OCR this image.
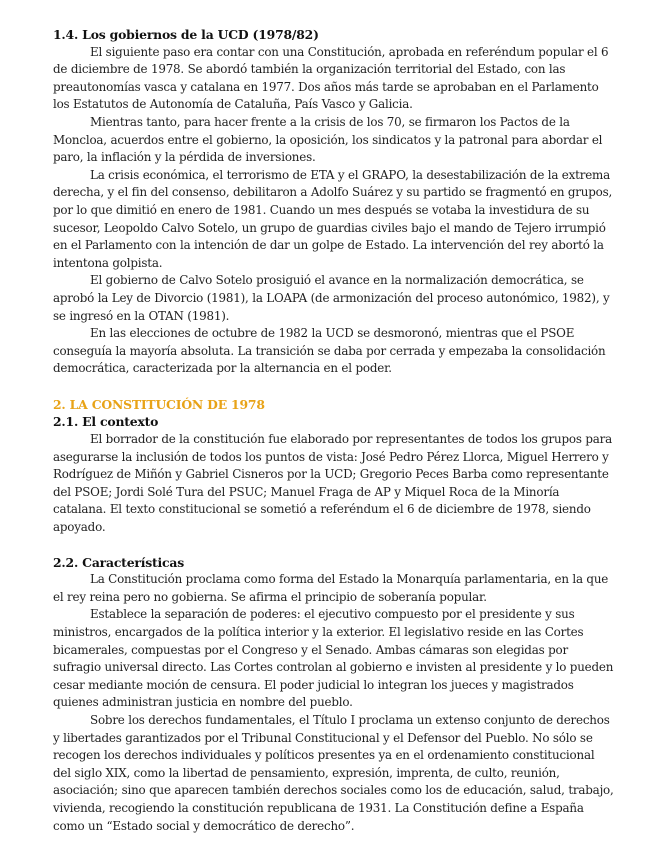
1.4. Los gobiernos de la UCD (1978/82)

El siguiente paso era contar con una Constitución, aprobada en referéndum popular el 6 de diciembre de 1978. Se abordó también la organización territorial del Estado, con las preautonomías vasca y catalana en 1977. Dos años más tarde se aprobaban en el Parlamento los Estatutos de Autonomía de Cataluña, País Vasco y Galicia.

Mientras tanto, para hacer frente a la crisis de los 70, se firmaron los Pactos de la Moncloa, acuerdos entre el gobierno, la oposición, los sindicatos y la patronal para abordar el paro, la inflación y la pérdida de inversiones.

La crisis económica, el terrorismo de ETA y el GRAPO, la desestabilización de la extrema derecha, y el fin del consenso, debilitaron a Adolfo Suárez y su partido se fragmentó en grupos, por lo que dimitió en enero de 1981. Cuando un mes después se votaba la investidura de su sucesor, Leopoldo Calvo Sotelo, un grupo de guardias civiles bajo el mando de Tejero irrumpió en el Parlamento con la intención de dar un golpe de Estado. La intervención del rey abortó la intentona golpista.

El gobierno de Calvo Sotelo prosiguió el avance en la normalización democrática, se aprobó la Ley de Divorcio (1981), la LOAPA (de armonización del proceso autonómico, 1982), y se ingresó en la OTAN (1981).

En las elecciones de octubre de 1982 la UCD se desmoronó, mientras que el PSOE conseguía la mayoría absoluta. La transición se daba por cerrada y empezaba la consolidación democrática, caracterizada por la alternancia en el poder.

2. LA CONSTITUCIÓN DE 1978
2.1. El contexto

El borrador de la constitución fue elaborado por representantes de todos los grupos para asegurarse la inclusión de todos los puntos de vista: José Pedro Pérez Llorca, Miguel Herrero y Rodríguez de Miñón y Gabriel Cisneros por la UCD; Gregorio Peces Barba como representante del PSOE; Jordi Solé Tura del PSUC; Manuel Fraga de AP y Miquel Roca de la Minoría catalana. El texto constitucional se sometió a referéndum el 6 de diciembre de 1978, siendo apoyado.

2.2. Características

La Constitución proclama como forma del Estado la Monarquía parlamentaria, en la que el rey reina pero no gobierna. Se afirma el principio de soberanía popular.

Establece la separación de poderes: el ejecutivo compuesto por el presidente y sus ministros, encargados de la política interior y la exterior. El legislativo reside en las Cortes bicamerales, compuestas por el Congreso y el Senado. Ambas cámaras son elegidas por sufragio universal directo. Las Cortes controlan al gobierno e invisten al presidente y lo pueden cesar mediante moción de censura. El poder judicial lo integran los jueces y magistrados quienes administran justicia en nombre del pueblo.

Sobre los derechos fundamentales, el Título I proclama un extenso conjunto de derechos y libertades garantizados por el Tribunal Constitucional y el Defensor del Pueblo. No sólo se recogen los derechos individuales y políticos presentes ya en el ordenamiento constitucional del siglo XIX, como la libertad de pensamiento, expresión, imprenta, de culto, reunión, asociación; sino que aparecen también derechos sociales como los de educación, salud, trabajo, vivienda, recogiendo la constitución republicana de 1931. La Constitución define a España como un “Estado social y democrático de derecho”.
